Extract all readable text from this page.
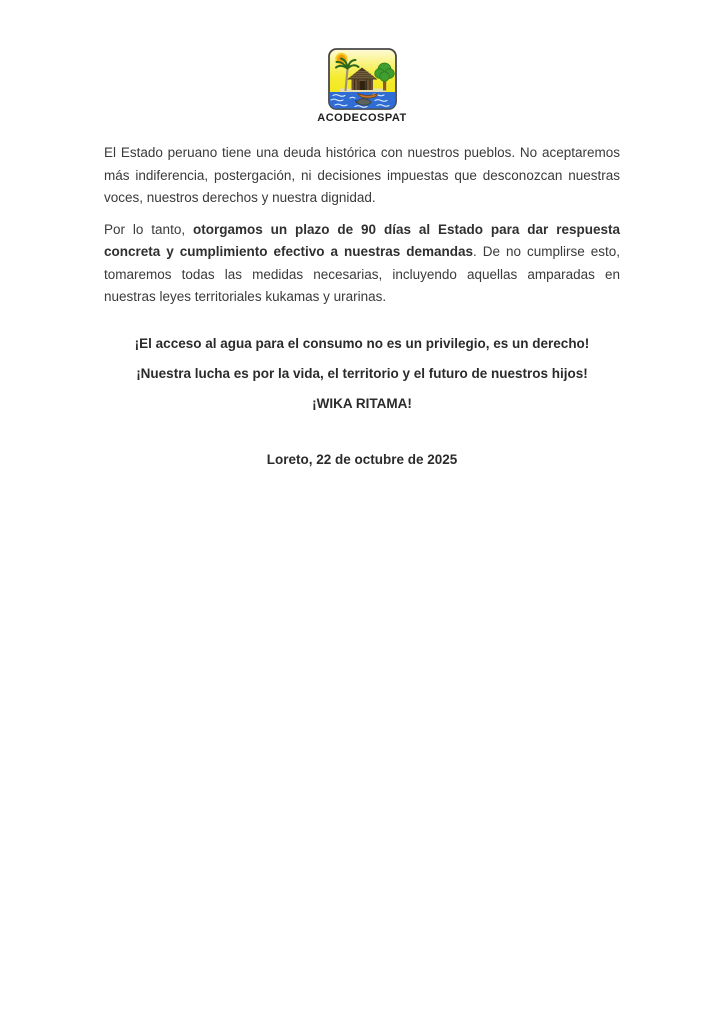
ACODECOSPAT

El Estado peruano tiene una deuda histórica con nuestros pueblos. No aceptaremos más indiferencia, postergación, ni decisiones impuestas que desconozcan nuestras voces, nuestros derechos y nuestra dignidad.

Por lo tanto, otorgamos un plazo de 90 días al Estado para dar respuesta concreta y cumplimiento efectivo a nuestras demandas. De no cumplirse esto, tomaremos todas las medidas necesarias, incluyendo aquellas amparadas en nuestras leyes territoriales kukamas y urarinas.

¡El acceso al agua para el consumo no es un privilegio, es un derecho!

¡Nuestra lucha es por la vida, el territorio y el futuro de nuestros hijos!

¡WIKA RITAMA!

Loreto, 22 de octubre de 2025
